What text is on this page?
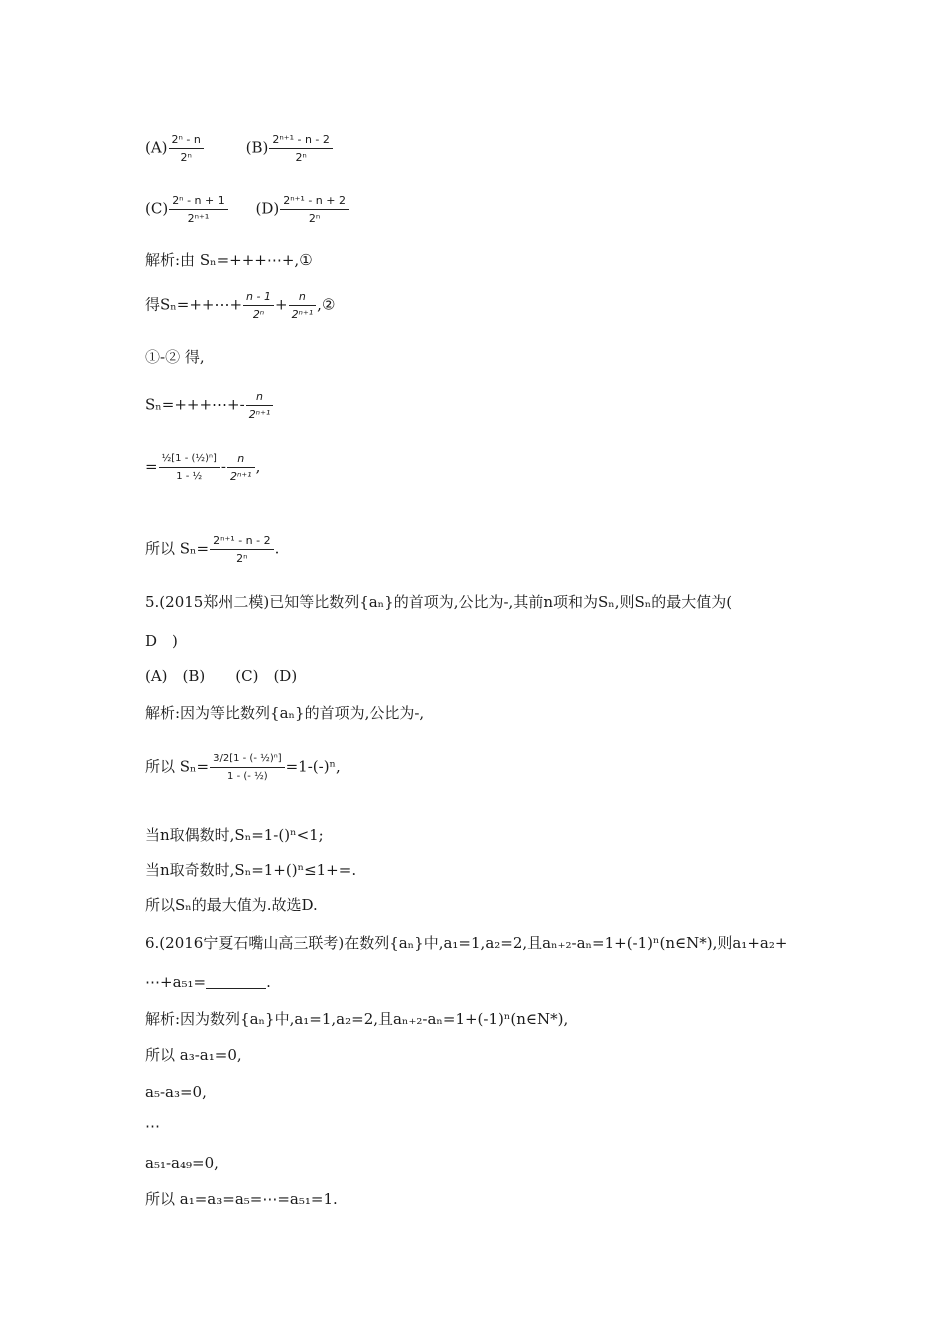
$(A) \frac{\text{2ⁿ - n}}{\text{2ⁿ}}$	$(B) \frac{\text{2ⁿ⁺¹ - n - 2}}{\text{2ⁿ}}$
$(C) \frac{\text{2ⁿ - n + 1}}{\text{2ⁿ⁺¹}} (D) \frac{\text{2ⁿ⁺¹ - n + 2}}{\text{2ⁿ}}$
解析:由 Sₙ=+++⋯+,①
得Sₙ=++⋯+ $\frac{n - 1}{\text{2ⁿ}} + \frac{n}{\text{2ⁿ⁺¹}}$ ,②
①-② 得,
Sₙ=+++⋯+- $\frac{n}{\text{2ⁿ⁺¹}}$
= $\frac{\text{½[1 - (½)ⁿ]}}{\text{1 - ½}} - \frac{n}{\text{2ⁿ⁺¹}}$ ,
所以 $S_n= \frac{\text{2ⁿ⁺¹ - n - 2}}{\text{2ⁿ}}$ .
5.(2015郑州二模)已知等比数列{aₙ}的首项为,公比为-,其前n项和为Sₙ,则Sₙ的最大值为(
D　)
(A)　(B)　　(C)　(D)
解析:因为等比数列{aₙ}的首项为,公比为-,
所以 $S_n= \frac{\text{3/2[1 - (- ½)ⁿ]}}{\text{1 - (- ½)}} =1-(-)^n$,
当n取偶数时,Sₙ=1-()ⁿ<1;
当n取奇数时,Sₙ=1+()ⁿ≤1+=.
所以Sₙ的最大值为.故选D.
6.(2016宁夏石嘴山高三联考)在数列{aₙ}中,a₁=1,a₂=2,且aₙ₊₂-aₙ=1+(-1)ⁿ(n∈N*),则a₁+a₂+
⋯+a₅₁=	.
解析:因为数列{aₙ}中,a₁=1,a₂=2,且aₙ₊₂-aₙ=1+(-1)ⁿ(n∈N*),
所以 a₃-a₁=0,
a₅-a₃=0,
⋯
a₅₁-a₄₉=0,
所以 a₁=a₃=a₅=⋯=a₅₁=1.
